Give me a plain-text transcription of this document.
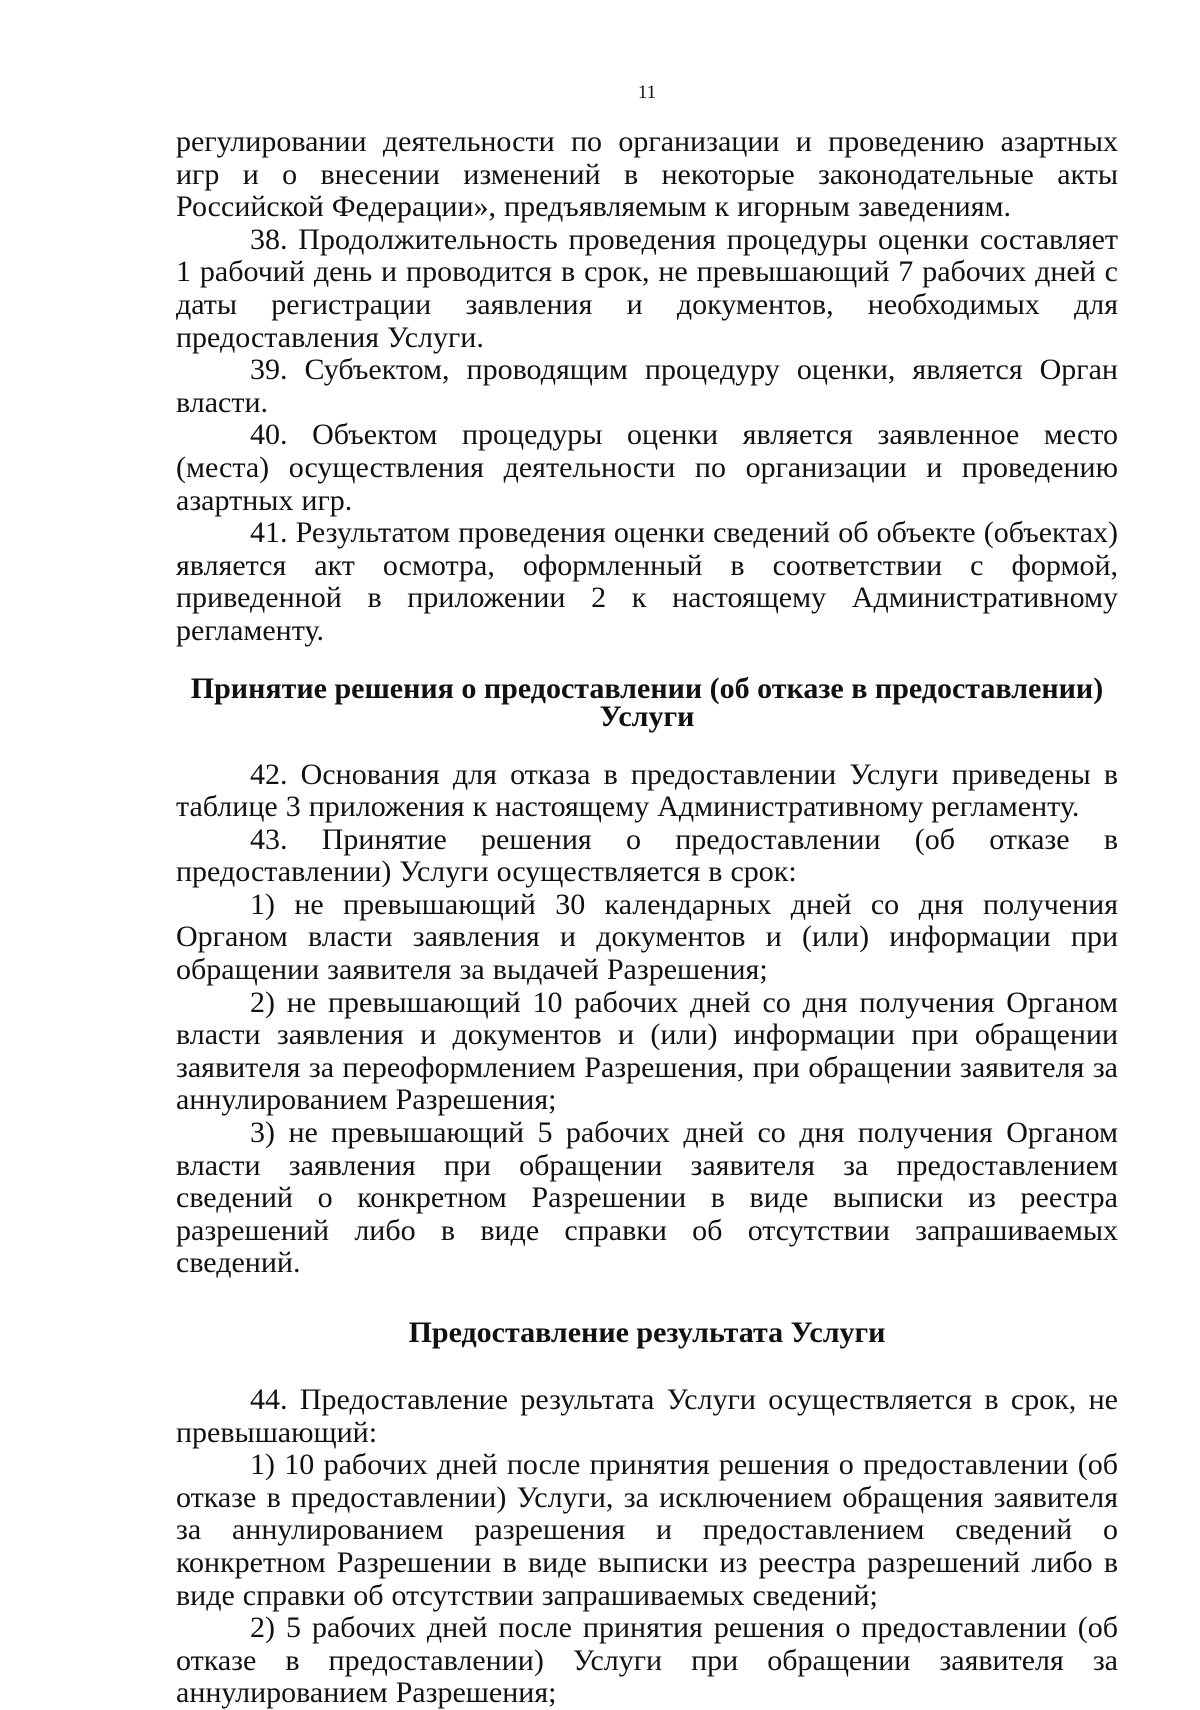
11

регулировании деятельности по организации и проведению азартных игр и о внесении изменений в некоторые законодательные акты Российской Федерации», предъявляемым к игорным заведениям.

38. Продолжительность проведения процедуры оценки составляет 1 рабочий день и проводится в срок, не превышающий 7 рабочих дней с даты регистрации заявления и документов, необходимых для предоставления Услуги.

39. Субъектом, проводящим процедуру оценки, является Орган власти.

40. Объектом процедуры оценки является заявленное место (места) осуществления деятельности по организации и проведению азартных игр.

41. Результатом проведения оценки сведений об объекте (объектах) является акт осмотра, оформленный в соответствии с формой, приведенной в приложении 2 к настоящему Административному регламенту.

Принятие решения о предоставлении (об отказе в предоставлении) Услуги

42. Основания для отказа в предоставлении Услуги приведены в таблице 3 приложения к настоящему Административному регламенту.

43. Принятие решения о предоставлении (об отказе в предоставлении) Услуги осуществляется в срок:

1) не превышающий 30 календарных дней со дня получения Органом власти заявления и документов и (или) информации при обращении заявителя за выдачей Разрешения;

2) не превышающий 10 рабочих дней со дня получения Органом власти заявления и документов и (или) информации при обращении заявителя за переоформлением Разрешения, при обращении заявителя за аннулированием Разрешения;

3) не превышающий 5 рабочих дней со дня получения Органом власти заявления при обращении заявителя за предоставлением сведений о конкретном Разрешении в виде выписки из реестра разрешений либо в виде справки об отсутствии запрашиваемых сведений.

Предоставление результата Услуги

44. Предоставление результата Услуги осуществляется в срок, не превышающий:

1) 10 рабочих дней после принятия решения о предоставлении (об отказе в предоставлении) Услуги, за исключением обращения заявителя за аннулированием разрешения и предоставлением сведений о конкретном Разрешении в виде выписки из реестра разрешений либо в виде справки об отсутствии запрашиваемых сведений;

2) 5 рабочих дней после принятия решения о предоставлении (об отказе в предоставлении) Услуги при обращении заявителя за аннулированием Разрешения;
